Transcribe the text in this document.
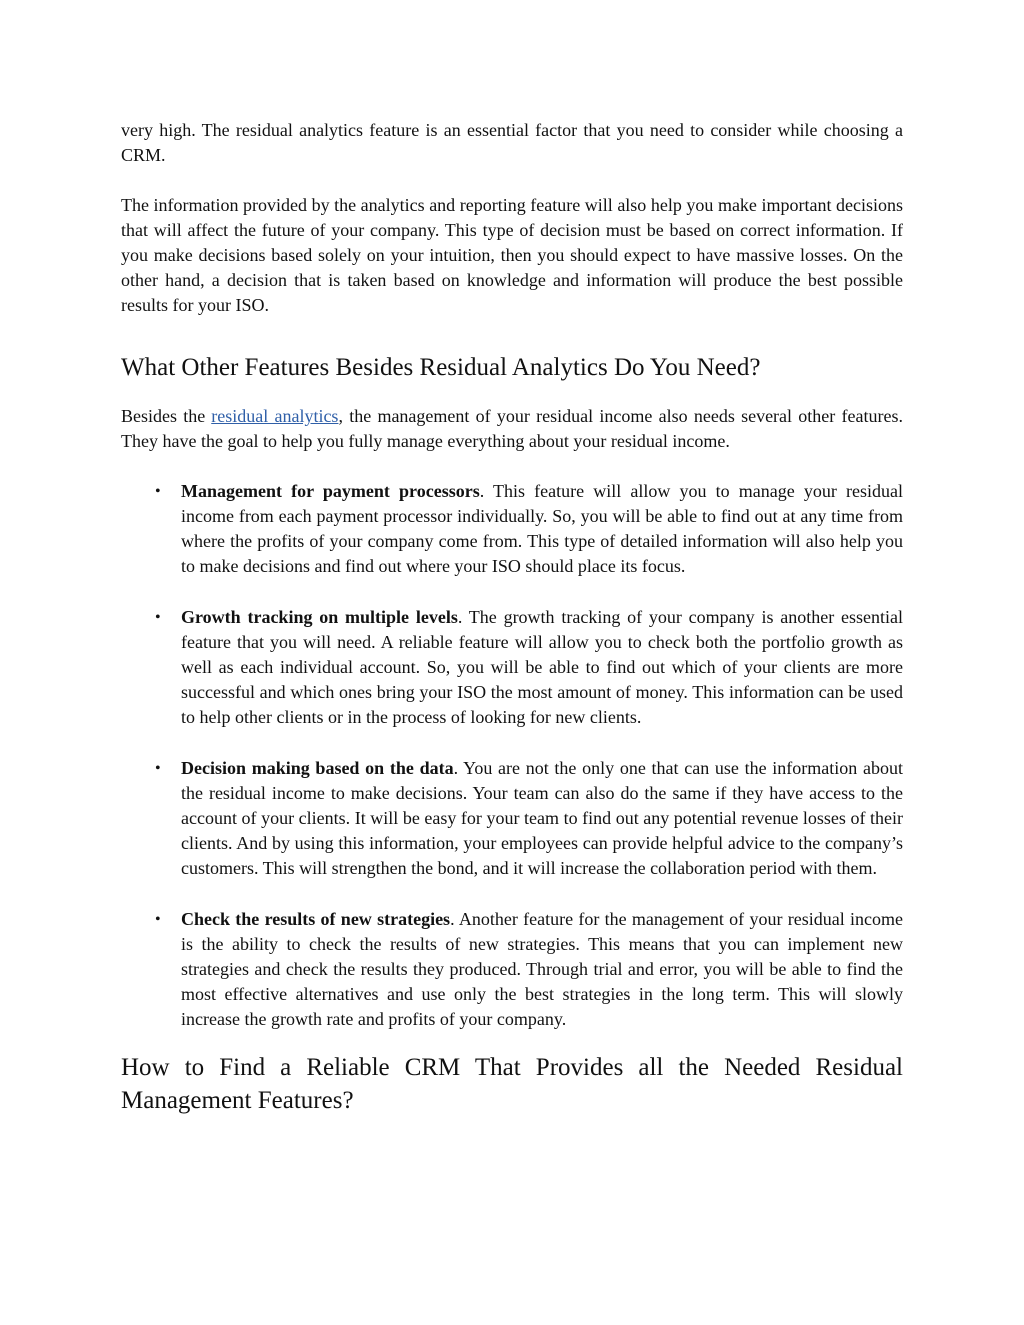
very high. The residual analytics feature is an essential factor that you need to consider while choosing a CRM.

The information provided by the analytics and reporting feature will also help you make important decisions that will affect the future of your company. This type of decision must be based on correct information. If you make decisions based solely on your intuition, then you should expect to have massive losses. On the other hand, a decision that is taken based on knowledge and information will produce the best possible results for your ISO.

What Other Features Besides Residual Analytics Do You Need?

Besides the residual analytics, the management of your residual income also needs several other features. They have the goal to help you fully manage everything about your residual income.

• Management for payment processors. This feature will allow you to manage your residual income from each payment processor individually. So, you will be able to find out at any time from where the profits of your company come from. This type of detailed information will also help you to make decisions and find out where your ISO should place its focus.
• Growth tracking on multiple levels. The growth tracking of your company is another essential feature that you will need. A reliable feature will allow you to check both the portfolio growth as well as each individual account. So, you will be able to find out which of your clients are more successful and which ones bring your ISO the most amount of money. This information can be used to help other clients or in the process of looking for new clients.
• Decision making based on the data. You are not the only one that can use the information about the residual income to make decisions. Your team can also do the same if they have access to the account of your clients. It will be easy for your team to find out any potential revenue losses of their clients. And by using this information, your employees can provide helpful advice to the company’s customers. This will strengthen the bond, and it will increase the collaboration period with them.
• Check the results of new strategies. Another feature for the management of your residual income is the ability to check the results of new strategies. This means that you can implement new strategies and check the results they produced. Through trial and error, you will be able to find the most effective alternatives and use only the best strategies in the long term. This will slowly increase the growth rate and profits of your company.
How to Find a Reliable CRM That Provides all the Needed Residual Management Features?
